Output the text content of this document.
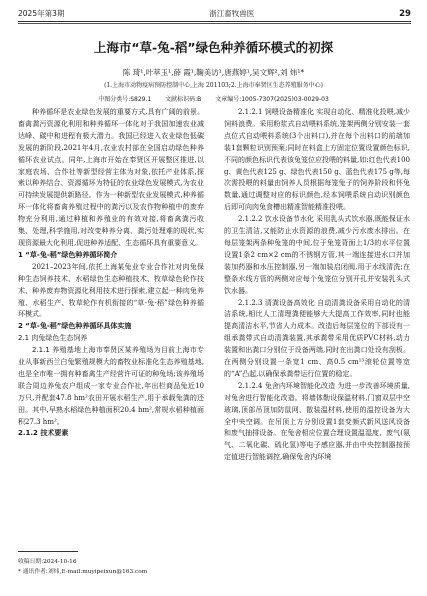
2025年第3期	浙江畜牧兽医	29
上海市“草-兔-稻”绿色种养循环模式的初探
陈 琦¹,叶萃玉¹,薛 霞¹,鞠美访¹,唐燕婷¹,吴文辉²,刘 炜¹*
(1.上海市动物疫病预防控制中心,上海 201103;2.上海市奉贤区生态养殖服务中心)
中图分类号:S829.1 文献标识码:B 文章编号:1005-7307(2025)03-0029-03

种养循环是农业绿色发展的重要方式,具有广阔的前景。畜禽粪污资源化利用和种养循环一体化对于我国加速农业减达峰、碳中和进程有极大潜力。我国已经进入农业绿色低碳发展的新阶段,2021年4月,农业农村部在全国启动绿色种养循环农业试点。同年,上海市开始在奉贤区开展整区推进,以家庭农场、合作社等新型经营主体为对象,依托产业体系,探索以种养结合、资源循环为特征的农业绿色发展模式,为农业可持续发展提供新路径。作为一种新型农业发展模式,种养循环一体化将畜禽养殖过程中的粪污以及农作物种植中的废弃物充分利用,通过种植和养殖业的有效对接,将畜禽粪污收集、处理,科学施用,对改变种养分离、粪污处理难的现状,实现资源最大化利用,促进种养适配、生态循环具有重要意义。

1 “草-兔-稻”绿色种养循环简介

2021–2023年间,依托上海某兔业专业合作社对肉兔保种生态饲养技术、水稻绿色生态种植技术、牧草绿色轮作技术、种养废弃物资源化利用技术进行探索,建立起一种肉兔养殖、水稻生产、牧草轮作有机衔接的“草-兔-稻”绿色种养循环模式。

2 “草-兔-稻”绿色种养循环具体实施

2.1 肉兔绿色生态饲养

2.1.1 养殖基地上海市奉贤区某养殖场为目前上海市专业从事新西兰白兔繁殖规模大的畜牧业标准化生态养殖基地,也是全市唯一拥有种畜禽生产经营许可证的种兔场;该养殖场联合周边养兔农户组成一家专业合作社,年出栏商品兔近10万只,并配套47.8 hm²农田开展水稻生产,用于承载兔粪的还田。其中,早熟水稻绿色种植面积20.4 hm²,常规水稻种植面积27.3 hm²。

2.1.2 技术要素

2.1.2.1 饲喂设备精准化 实现自动化、精准化投喂,减少饲料浪费。采用粉浆式自动喂料系统,笼架两侧分别安装一套点位式自动喂料系统(3个出料口),并在每个出料口的前端加装1套颗粒识别预案;同时在料盒上方固定位置设置颜色标识,不同的颜色标识代表该兔笼位应投喂的料量,如:红色代表100 g、黄色代表125 g、绿色代表150 g、蓝色代表175 g等,每次需投喂的料量由饲养人员根据每笼兔子的饲养阶段和怀兔数量,通过调整对应的标识颜色,经本饲喂系统自动识别颜色后即可向肉兔食槽出精准智能精准投喂。

2.1.2.2 饮水设备节水化 采用乳头式饮水器,既能保证水的卫生清洁,又能防止水资源的浪费,减少污水废水排出。在每层笼架两条种兔笼的中间,位于兔笼背面上1/3的水平位置设置1条2 cm×2 cm的不锈钢方管,其一端连接进水口并加装加药器和水压控制器,另一端加装启闭阀,用于水线清洗;在整条水线方管的两侧对应每个兔笼位分别开孔并安装乳头式饮水器。

2.1.2.3 清粪设备高效化 自动清粪设备采用自动化的清洁系统,相比人工清理粪便能够大大提高工作效率,同时也能提高清洁水平,节省人力成本。改造后每层笼位的下部设有一组承粪带式自动清粪装置,其承粪带采用优质PVC材料,动力装置和出粪口分别位于设备两端,同时在出粪口处设有刮板。在两侧分别设置一条宽1 cm、高0.5 cm¹³滚轮位置等宽的“A”凸起,以确保承粪带运行位置的稳定。

2.1.2.4 兔舍内环境智能化改造 为进一步改善环境质量,对兔舍进行智能化改造。将墙体勒设保温材料,门窗双层中空玻璃,顶部吊顶加防鼠网、散装温材料,使用的温控设备为大全中央空调。在吊顶上方分别设置1套变频式新风送风设备和废气抽排设备。在兔舍相应位置合理设置温湿度、废气(氨气、二氧化碳、硫化氢)等电子感应器,并由中央控制器按预定值进行智能调控,确保兔舍内环境

收稿日期:2024-10-16
* 通讯作者:刘炜,E-mail:muyipeixun@163.com
